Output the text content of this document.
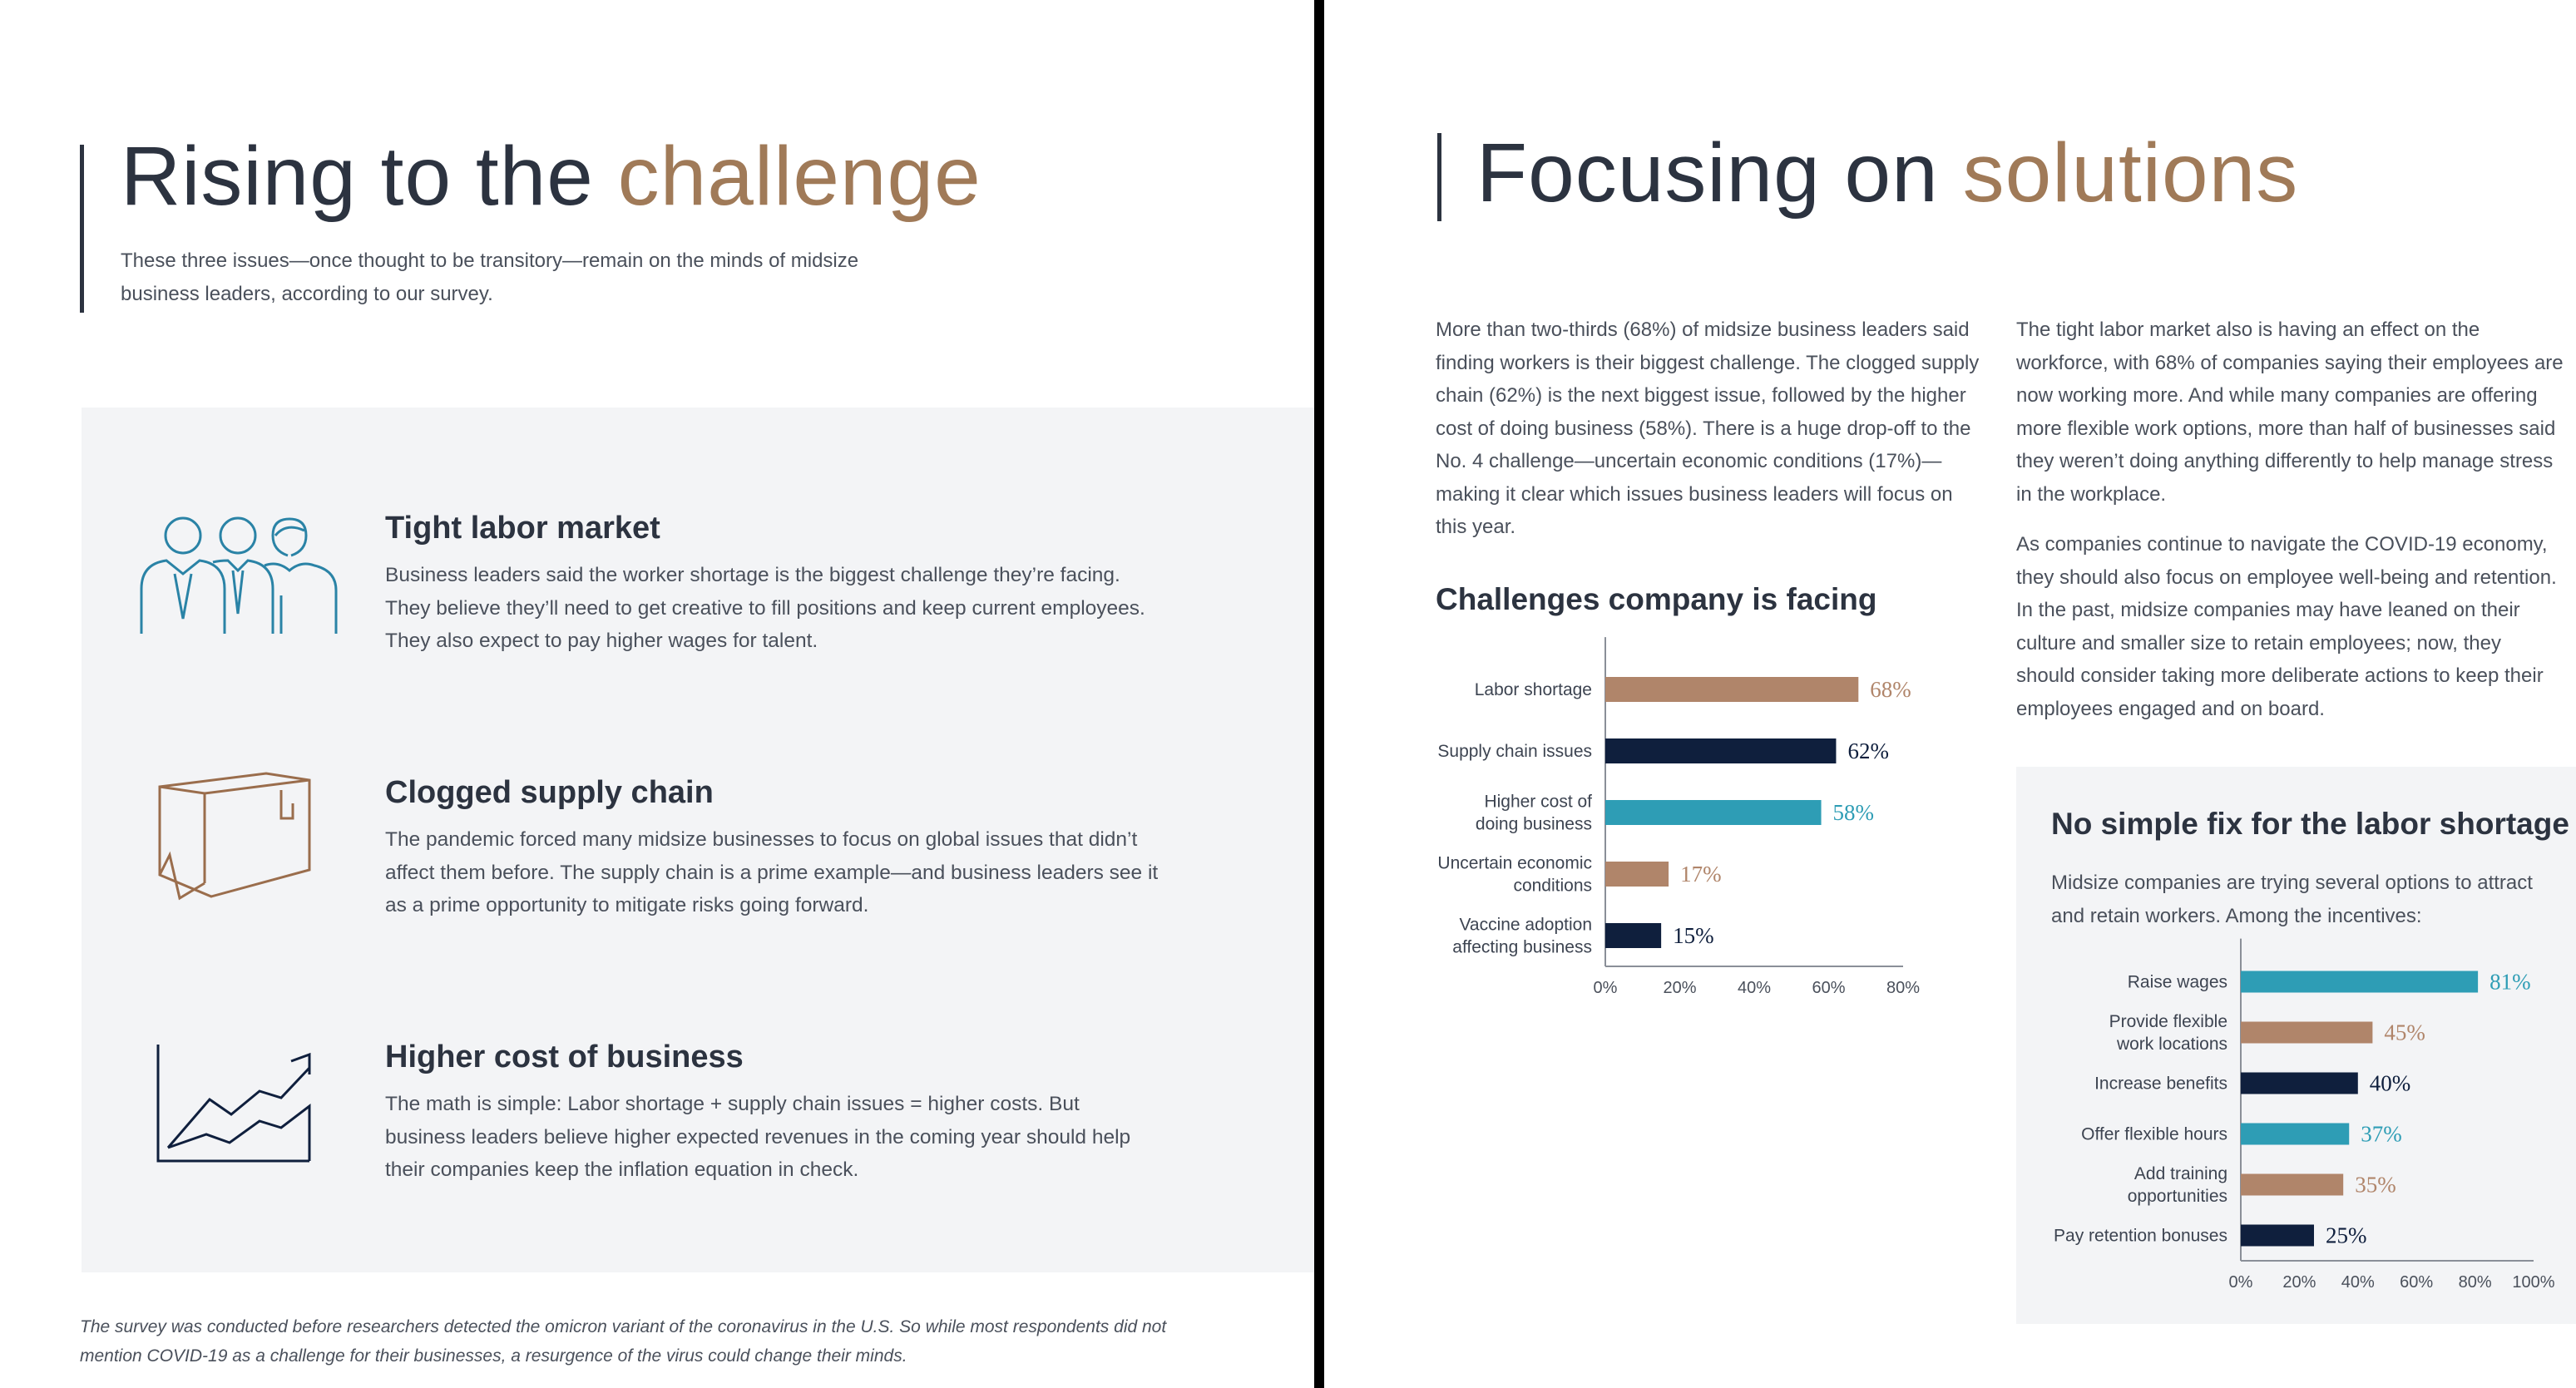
Rising to the challenge

These three issues—once thought to be transitory—remain on the minds of midsize business leaders, according to our survey.

Tight labor market

Business leaders said the worker shortage is the biggest challenge they’re facing. They believe they’ll need to get creative to fill positions and keep current employees. They also expect to pay higher wages for talent.

Clogged supply chain

The pandemic forced many midsize businesses to focus on global issues that didn’t affect them before. The supply chain is a prime example—and business leaders see it as a prime opportunity to mitigate risks going forward.

Higher cost of business

The math is simple: Labor shortage + supply chain issues = higher costs. But business leaders believe higher expected revenues in the coming year should help their companies keep the inflation equation in check.

The survey was conducted before researchers detected the omicron variant of the coronavirus in the U.S. So while most respondents did not mention COVID-19 as a challenge for their businesses, a resurgence of the virus could change their minds.

Focusing on solutions

More than two-thirds (68%) of midsize business leaders said finding workers is their biggest challenge. The clogged supply chain (62%) is the next biggest issue, followed by the higher cost of doing business (58%). There is a huge drop-off to the No. 4 challenge—uncertain economic conditions (17%)—making it clear which issues business leaders will focus on this year.

The tight labor market also is having an effect on the workforce, with 68% of companies saying their employees are now working more. And while many companies are offering more flexible work options, more than half of businesses said they weren’t doing anything differently to help manage stress in the workplace.

As companies continue to navigate the COVID-19 economy, they should also focus on employee well-being and retention. In the past, midsize companies may have leaned on their culture and smaller size to retain employees; now, they should consider taking more deliberate actions to keep their employees engaged and on board.

Challenges company is facing
68%
Labor shortage
62%
Supply chain issues
58%
Higher cost of
doing business
17%
Uncertain economic
conditions
15%
Vaccine adoption
affecting business
0%	20% 40% 60% 80%
No simple fix for the labor shortage

Midsize companies are trying several options to attract and retain workers. Among the incentives:

81%
Raise wages
45%
Provide flexible
work locations
40%
Increase benefits
37%
Offer flexible hours
35%
Add training
opportunities
25%
Pay retention bonuses
0% 20% 40% 60% 80% 100%
